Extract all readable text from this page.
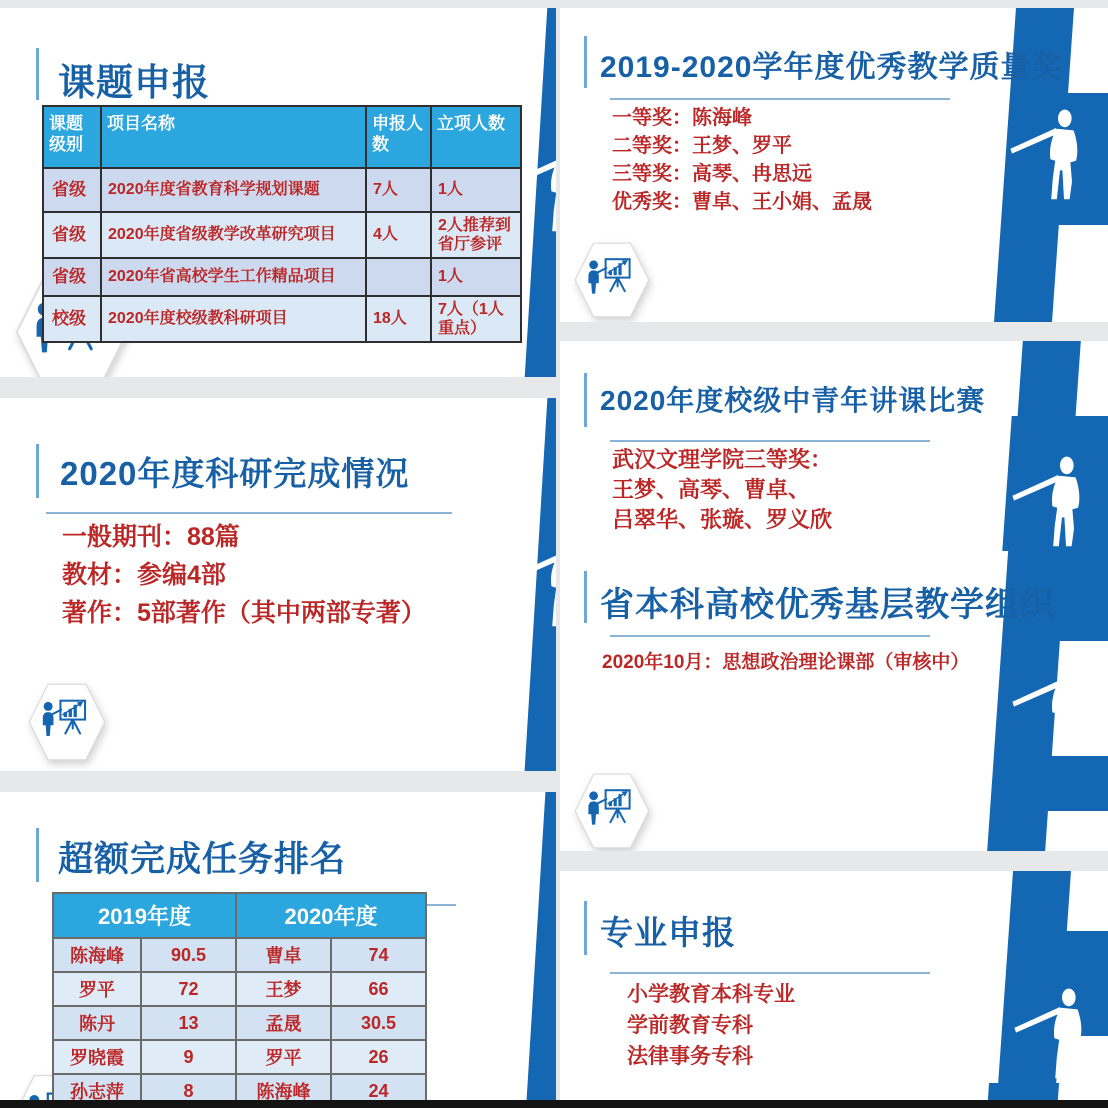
课题申报
课题级别	项目名称	申报人数	立项人数
省级	2020年度省教育科学规划课题	7人	1人
省级	2020年度省级教学改革研究项目	4人	2人推荐到省厅参评
省级	2020年省高校学生工作精品项目		1人
校级	2020年度校级教科研项目	18人	7人（1人重点）
2020年度科研完成情况
一般期刊：88篇
教材：参编4部
著作：5部著作（其中两部专著）
超额完成任务排名
2019年度		2020年度	
陈海峰	90.5	曹卓	74
罗平	72	王梦	66
陈丹	13	孟晟	30.5
罗晓霞	9	罗平	26
孙志萍	8	陈海峰	24
2019-2020学年度优秀教学质量奖
一等奖：陈海峰
二等奖：王梦、罗平
三等奖：高琴、冉思远
优秀奖：曹卓、王小娟、孟晟
2020年度校级中青年讲课比赛
武汉文理学院三等奖：
王梦、高琴、曹卓、
吕翠华、张璇、罗义欣
省本科高校优秀基层教学组织
2020年10月：思想政治理论课部（审核中）
专业申报
小学教育本科专业
学前教育专科
法律事务专科
